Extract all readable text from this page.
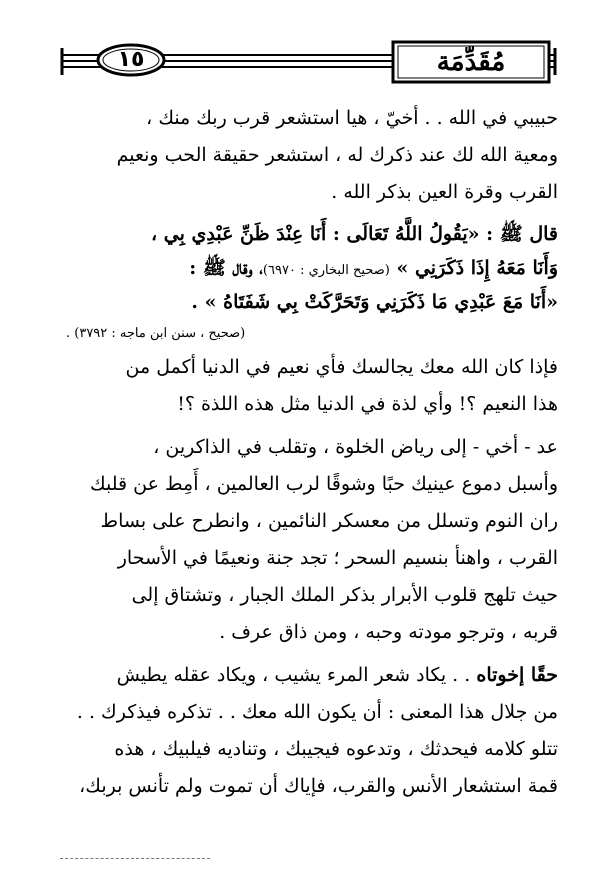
١٥	مُقَدِّمَة
حبيبي في الله . . أخيّ ، هيا استشعر قرب ربك منك ،
ومعية الله لك عند ذكرك له ، استشعر حقيقة الحب ونعيم
القرب وقرة العين بذكر الله .
قال ﷺ : «يَقُولُ اللَّهُ تَعَالَى : أَنَا عِنْدَ ظَنِّ عَبْدِي بِي ،
وَأَنَا مَعَهُ إِذَا ذَكَرَنِي » (صحيح البخاري : ٦٩٧٠)، وقال ﷺ :
«أَنَا مَعَ عَبْدِي مَا ذَكَرَنِي وَتَحَرَّكَتْ بِي شَفَتَاهُ » .
(صحيح ، سنن ابن ماجه : ٣٧٩٢) .
فإذا كان الله معك يجالسك فأي نعيم في الدنيا أكمل من
هذا النعيم ؟! وأي لذة في الدنيا مثل هذه اللذة ؟!
عد - أخي - إلى رياض الخلوة ، وتقلب في الذاكرين ،
وأسبل دموع عينيك حبًا وشوقًا لرب العالمين ، أَمِط عن قلبك
ران النوم وتسلل من معسكر النائمين ، وانطرح على بساط
القرب ، واهنأ بنسيم السحر ؛ تجد جنة ونعيمًا في الأسحار
حيث تلهج قلوب الأبرار بذكر الملك الجبار ، وتشتاق إلى
قربه ، وترجو مودته وحبه ، ومن ذاق عرف .
حقًا إخوتاه . . يكاد شعر المرء يشيب ، ويكاد عقله يطيش
من جلال هذا المعنى : أن يكون الله معك . . تذكره فيذكرك . .
تتلو كلامه فيحدثك ، وتدعوه فيجيبك ، وتناديه فيلبيك ، هذه
قمة استشعار الأنس والقرب، فإياك أن تموت ولم تأنس بربك،
